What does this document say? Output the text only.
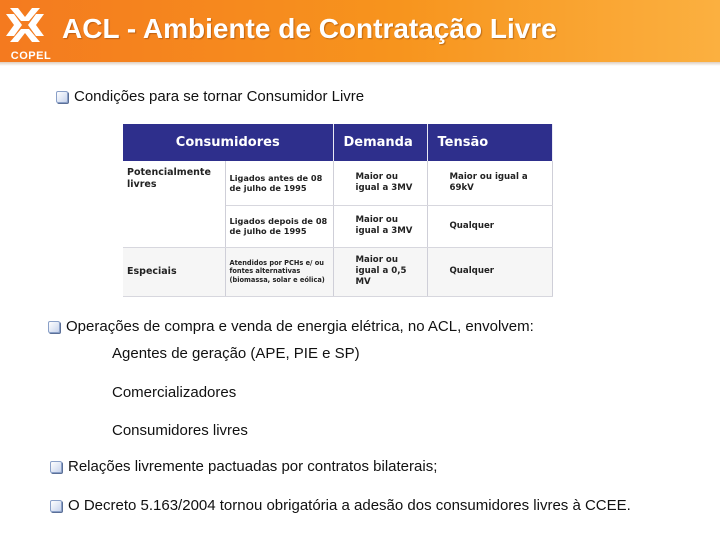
COPEL
ACL - Ambiente de Contratação Livre
Condições para se tornar Consumidor Livre
Consumidores		Demanda	Tensão
Potencialmente livres	Ligados antes de 08 de julho de 1995	Maior ou igual a 3MV	Maior ou igual a 69kV
	Ligados depois de 08 de julho de 1995	Maior ou igual a 3MV	Qualquer
Especiais	Atendidos por PCHs e/ ou fontes alternativas (biomassa, solar e eólica)	Maior ou igual a 0,5 MV	Qualquer
Operações de compra e venda de energia elétrica, no ACL, envolvem:
Agentes de geração (APE, PIE e SP)
Comercializadores
Consumidores livres
Relações livremente pactuadas por contratos bilaterais;
O Decreto 5.163/2004 tornou obrigatória a adesão dos consumidores livres à CCEE.
